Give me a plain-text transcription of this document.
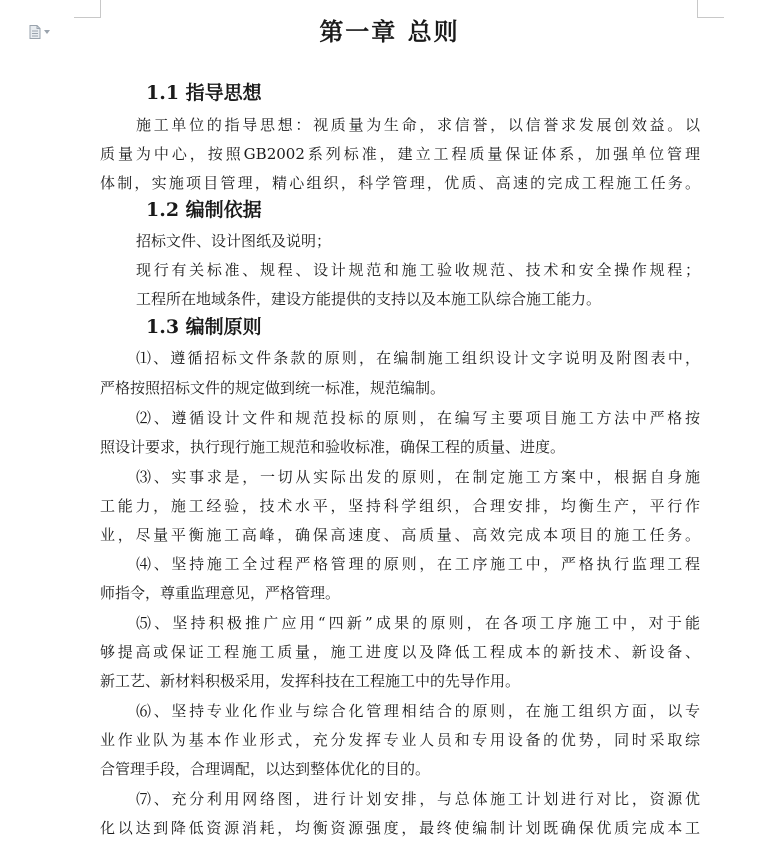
第一章 总则
1.1 指导思想
施工单位的指导思想：视质量为生命，求信誉，以信誉求发展创效益。以
质量为中心，按照GB2002系列标准，建立工程质量保证体系，加强单位管理
体制，实施项目管理，精心组织，科学管理，优质、高速的完成工程施工任务。
1.2 编制依据
招标文件、设计图纸及说明；
现行有关标准、规程、设计规范和施工验收规范、技术和安全操作规程；
工程所在地域条件，建设方能提供的支持以及本施工队综合施工能力。
1.3 编制原则
⑴、遵循招标文件条款的原则，在编制施工组织设计文字说明及附图表中，
严格按照招标文件的规定做到统一标准，规范编制。
⑵、遵循设计文件和规范投标的原则，在编写主要项目施工方法中严格按
照设计要求，执行现行施工规范和验收标准，确保工程的质量、进度。
⑶、实事求是，一切从实际出发的原则，在制定施工方案中，根据自身施
工能力，施工经验，技术水平，坚持科学组织，合理安排，均衡生产，平行作
业，尽量平衡施工高峰，确保高速度、高质量、高效完成本项目的施工任务。
⑷、坚持施工全过程严格管理的原则，在工序施工中，严格执行监理工程
师指令，尊重监理意见，严格管理。
⑸、坚持积极推广应用“四新”成果的原则，在各项工序施工中，对于能
够提高或保证工程施工质量，施工进度以及降低工程成本的新技术、新设备、
新工艺、新材料积极采用，发挥科技在工程施工中的先导作用。
⑹、坚持专业化作业与综合化管理相结合的原则，在施工组织方面，以专
业作业队为基本作业形式，充分发挥专业人员和专用设备的优势，同时采取综
合管理手段，合理调配，以达到整体优化的目的。
⑺、充分利用网络图，进行计划安排，与总体施工计划进行对比，资源优
化以达到降低资源消耗，均衡资源强度，最终使编制计划既确保优质完成本工
